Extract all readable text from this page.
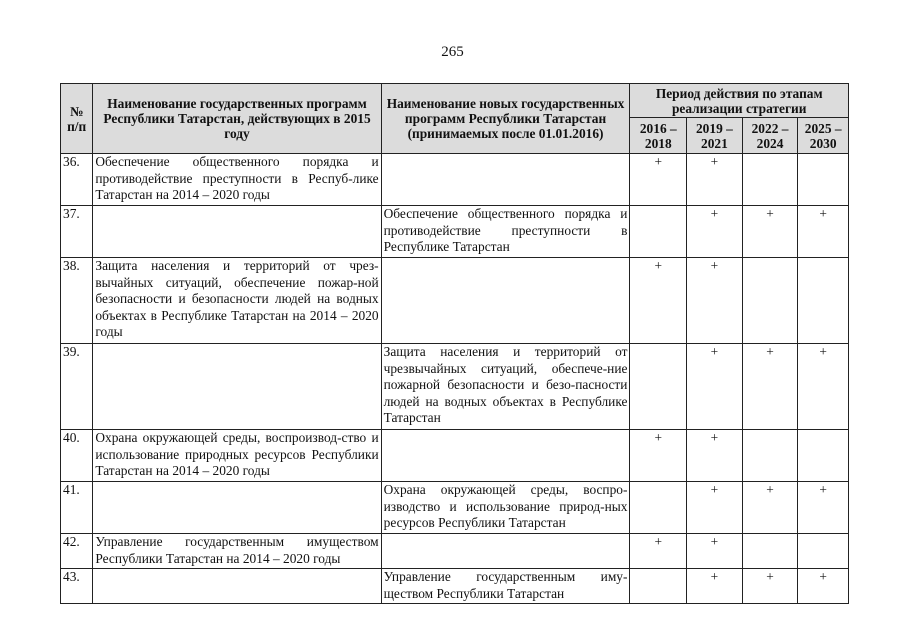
265
№ п/п	Наименование государственных программ Республики Татарстан, действующих в 2015 году	Наименование новых государственных программ Республики Татарстан (принимаемых после 01.01.2016)	Период действия по этапам реализации стратегии			
			2016 – 2018	2019 – 2021	2022 – 2024	2025 – 2030
36.	Обеспечение общественного порядка и противодействие преступности в Респуб-лике Татарстан на 2014 – 2020 годы		+	+		
37.		Обеспечение общественного порядка и противодействие преступности в Республике Татарстан		+	+	+
38.	Защита населения и территорий от чрез-вычайных ситуаций, обеспечение пожар-ной безопасности и безопасности людей на водных объектах в Республике Татарстан на 2014 – 2020 годы		+	+		
39.		Защита населения и территорий от чрезвычайных ситуаций, обеспече-ние пожарной безопасности и безо-пасности людей на водных объектах в Республике Татарстан		+	+	+
40.	Охрана окружающей среды, воспроизвод-ство и использование природных ресурсов Республики Татарстан на 2014 – 2020 годы		+	+		
41.		Охрана окружающей среды, воспро-изводство и использование природ-ных ресурсов Республики Татарстан		+	+	+
42.	Управление государственным имуществом Республики Татарстан на 2014 – 2020 годы		+	+		
43.		Управление государственным иму-ществом Республики Татарстан		+	+	+
